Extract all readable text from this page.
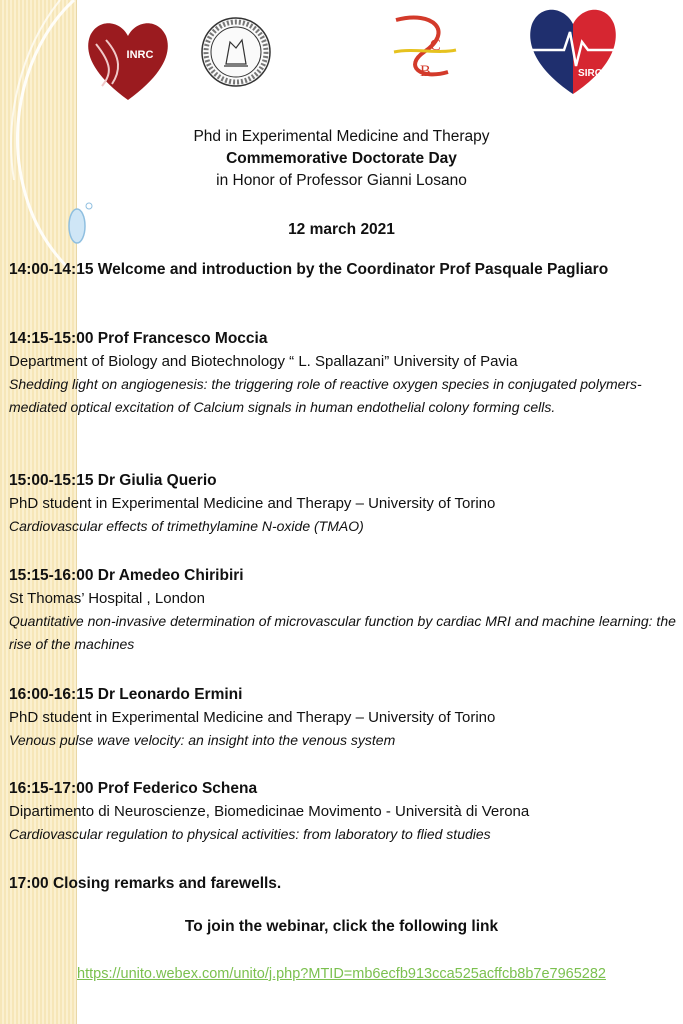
INRC
C
B	SIRC
Phd in Experimental Medicine and Therapy
Commemorative Doctorate Day
in Honor of Professor Gianni Losano
12 march 2021
14:00-14:15 Welcome and introduction by the Coordinator Prof Pasquale Pagliaro
14:15-15:00 Prof Francesco Moccia
Department of Biology and Biotechnology “ L. Spallazani” University of Pavia
Shedding light on angiogenesis: the triggering role of reactive oxygen species in conjugated polymers-mediated optical excitation of Calcium signals in human endothelial colony forming cells.
15:00-15:15 Dr Giulia Querio
PhD student in Experimental Medicine and Therapy – University of Torino
Cardiovascular effects of trimethylamine N-oxide (TMAO)
15:15-16:00 Dr Amedeo Chiribiri
St Thomas’ Hospital , London
Quantitative non-invasive determination of microvascular function by cardiac MRI and machine learning: the rise of the machines
16:00-16:15 Dr Leonardo Ermini
PhD student in Experimental Medicine and Therapy – University of Torino
Venous pulse wave velocity: an insight into the venous system
16:15-17:00 Prof Federico Schena
Dipartimento di Neuroscienze, Biomedicinae Movimento - Università di Verona
Cardiovascular regulation to physical activities: from laboratory to flied studies
17:00 Closing remarks and farewells.
To join the webinar, click the following link
https://unito.webex.com/unito/j.php?MTID=mb6ecfb913cca525acffcb8b7e7965282
